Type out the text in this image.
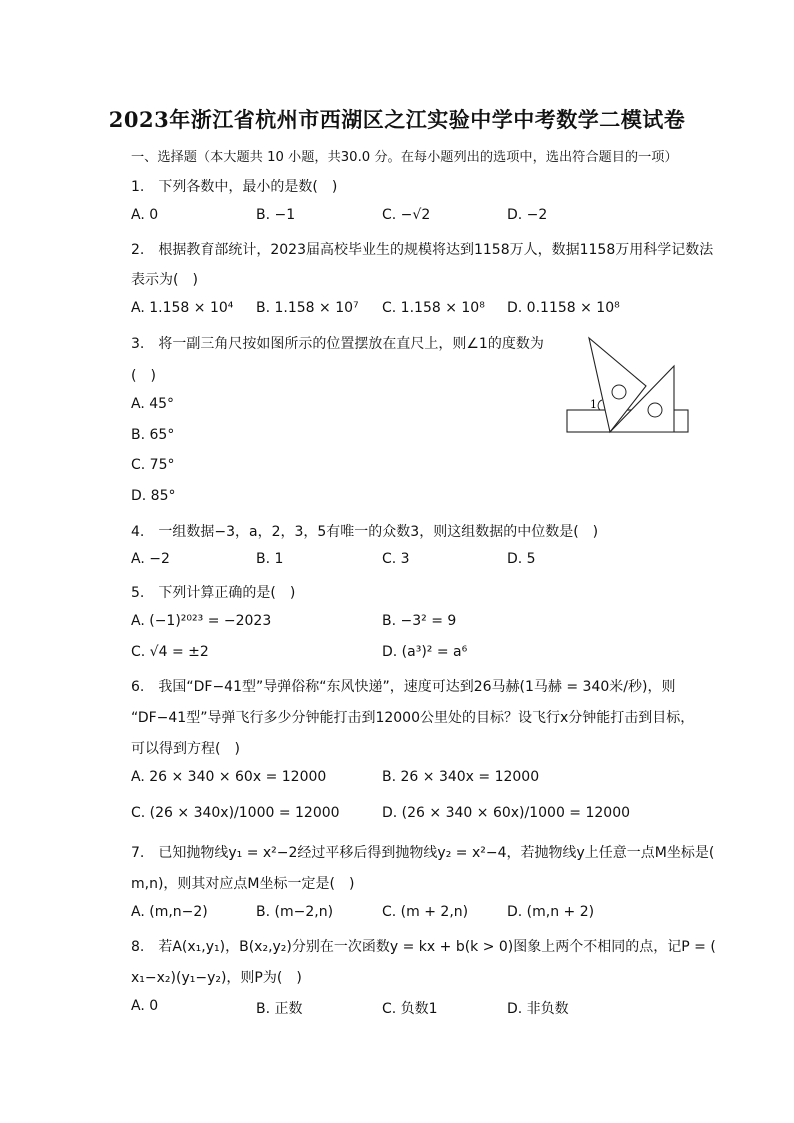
2023年浙江省杭州市西湖区之江实验中学中考数学二模试卷
一、选择题（本大题共 10 小题，共30.0 分。在每小题列出的选项中，选出符合题目的一项）
1.　下列各数中，最小的是数(　)
A. 0	B. −1	C. −√2	D. −2
2.　根据教育部统计，2023届高校毕业生的规模将达到1158万人，数据1158万用科学记数法
表示为(　)
A. 1.158 × 10⁴ B. 1.158 × 10⁷ C. 1.158 × 10⁸ D. 0.1158 × 10⁸
3.　将一副三角尺按如图所示的位置摆放在直尺上，则∠1的度数为
(　)
A. 45°
B. 65°
C. 75°
D. 85°
1
4.　一组数据−3，a，2，3，5有唯一的众数3，则这组数据的中位数是(　)
A. −2	B. 1	C. 3	D. 5
5.　下列计算正确的是(　)
A. (−1)²⁰²³ = −2023	B. −3² = 9
C. √4 = ±2	D. (a³)² = a⁶
6.　我国“DF−41型”导弹俗称“东风快递”，速度可达到26马赫(1马赫 = 340米/秒)，则
“DF−41型”导弹飞行多少分钟能打击到12000公里处的目标？设飞行x分钟能打击到目标，
可以得到方程(　)
A. 26 × 340 × 60x = 12000	B. 26 × 340x = 12000
C. (26 × 340x)/1000 = 12000	D. (26 × 340 × 60x)/1000 = 12000
7.　已知抛物线y₁ = x²−2经过平移后得到抛物线y₂ = x²−4，若抛物线y上任意一点M坐标是(
m,n)，则其对应点M坐标一定是(　)
A. (m,n−2)	B. (m−2,n)	C. (m + 2,n)	D. (m,n + 2)
8.　若A(x₁,y₁)，B(x₂,y₂)分别在一次函数y = kx + b(k > 0)图象上两个不相同的点，记P = (
x₁−x₂)(y₁−y₂)，则P为(　)
A. 0	B. 正数	C. 负数1	D. 非负数
